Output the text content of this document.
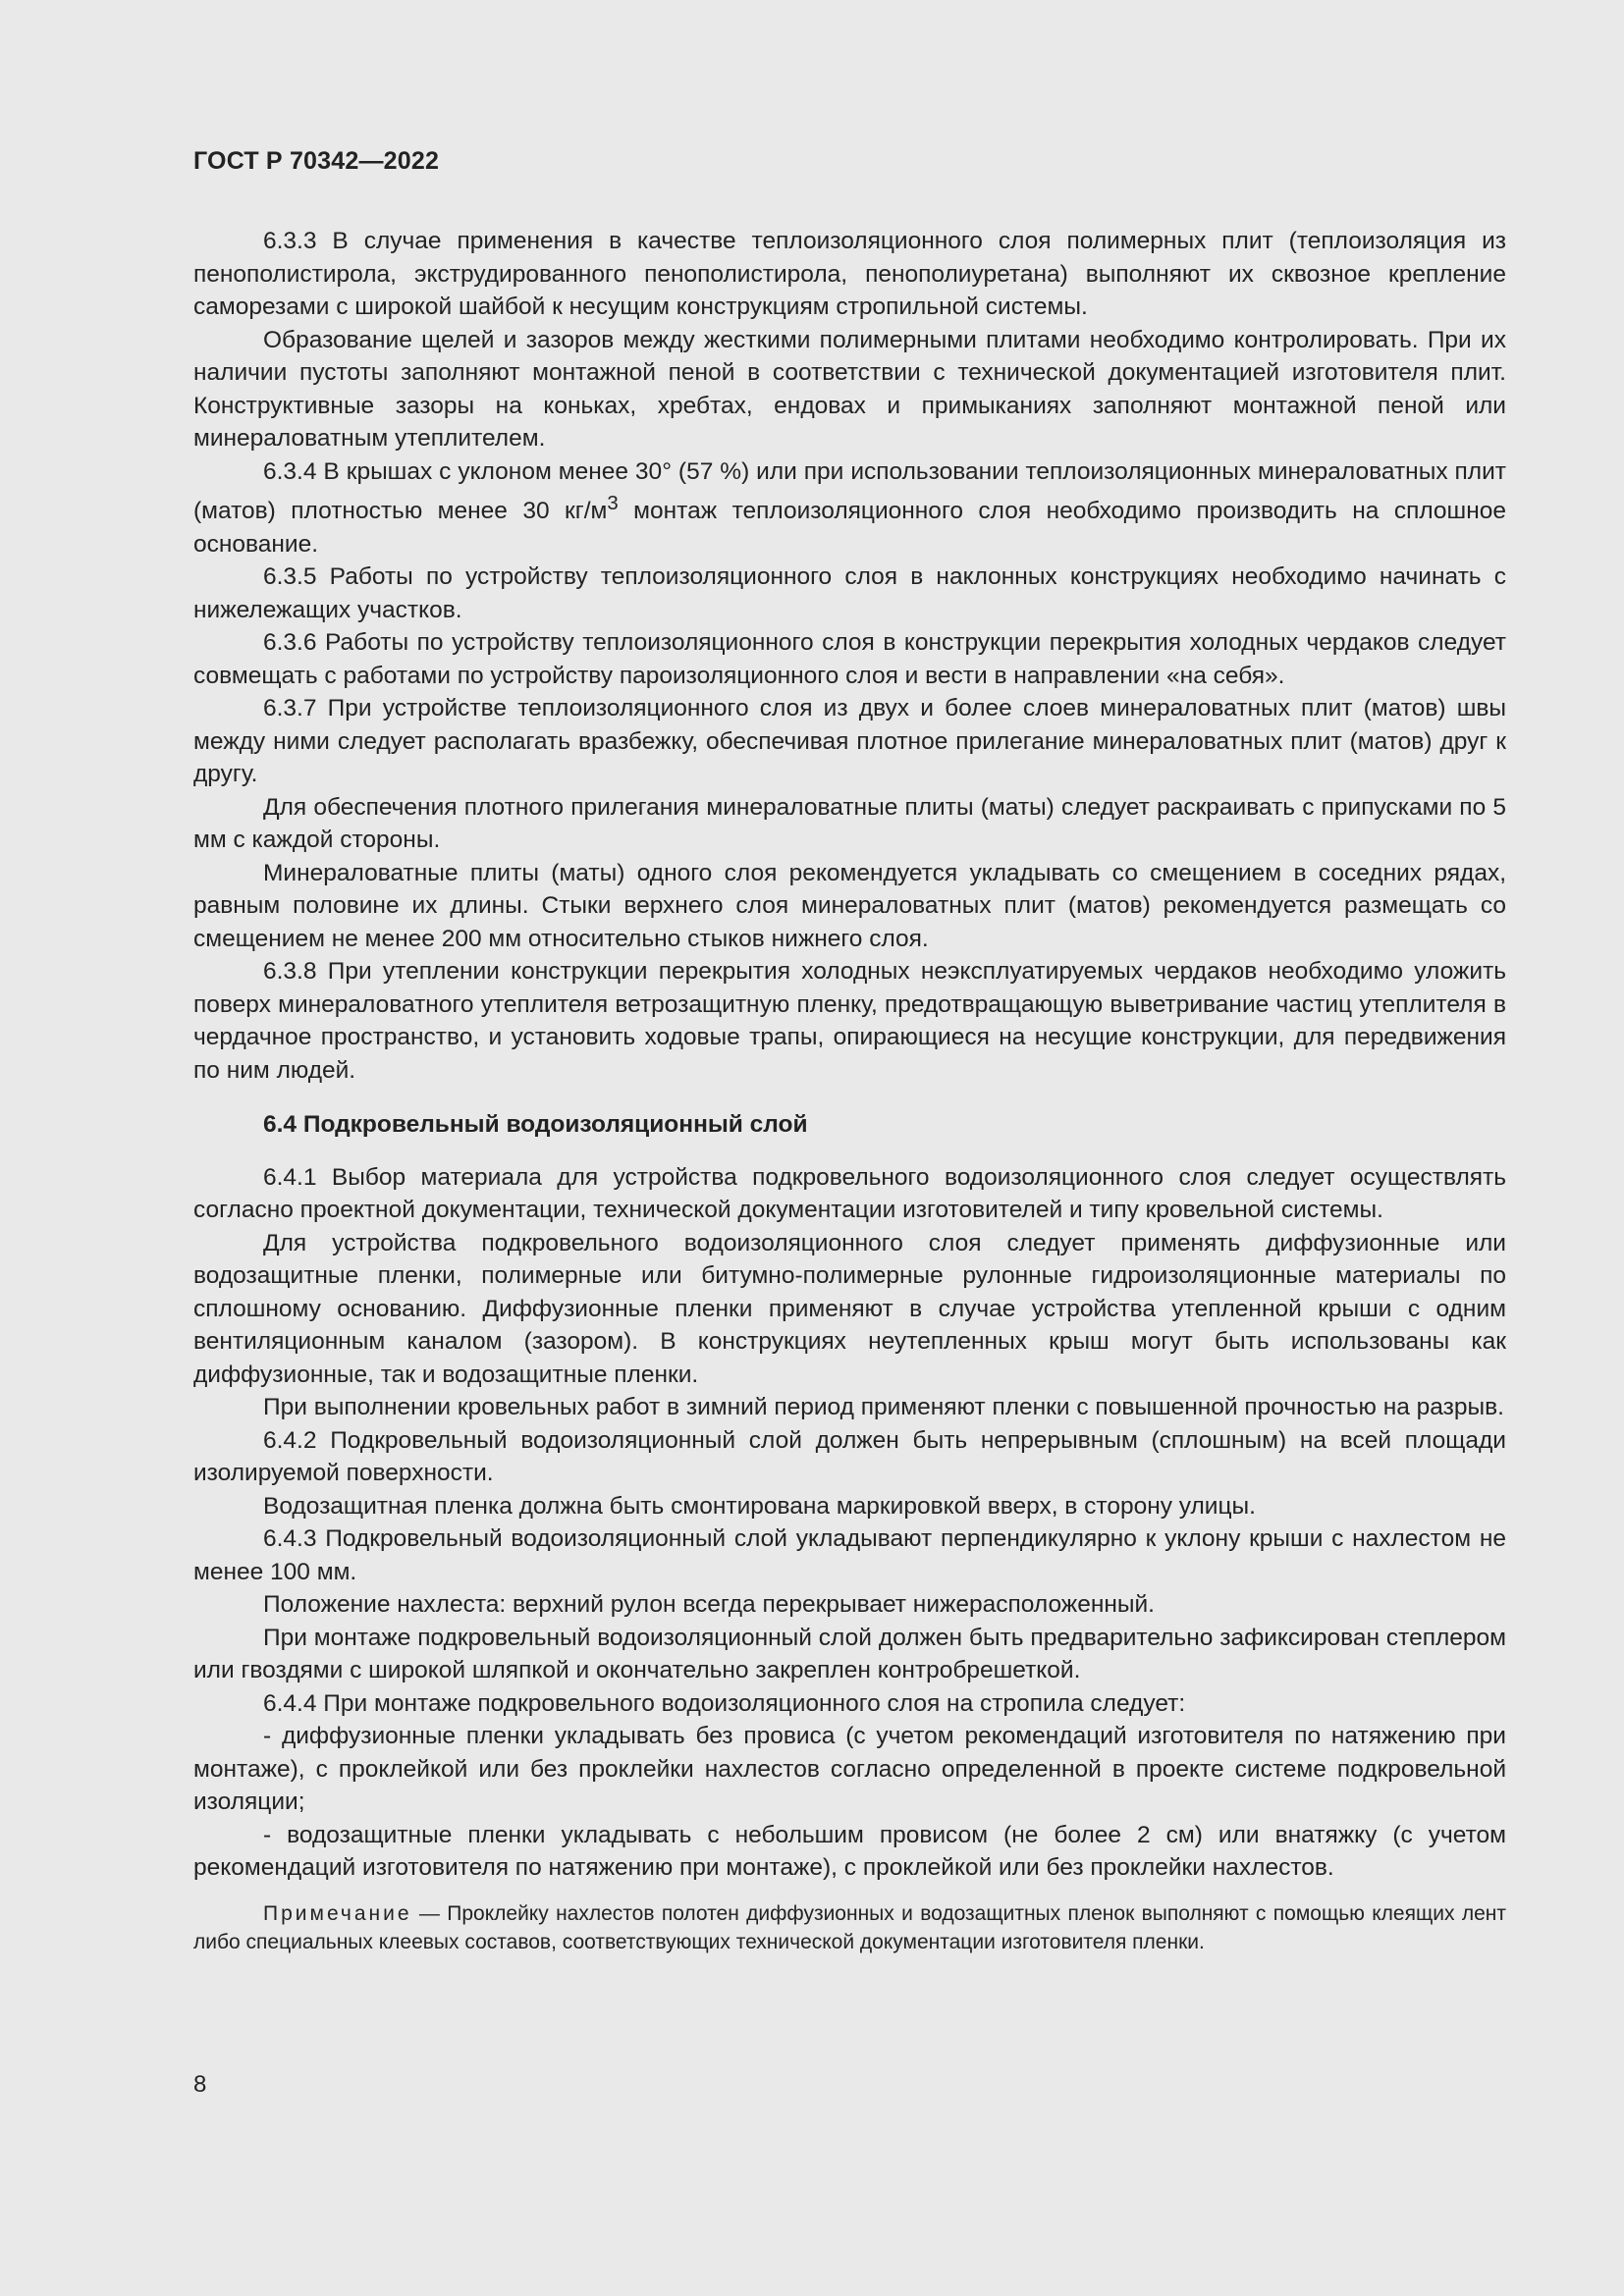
ГОСТ Р 70342—2022

6.3.3 В случае применения в качестве теплоизоляционного слоя полимерных плит (теплоизоляция из пенополистирола, экструдированного пенополистирола, пенополиуретана) выполняют их сквозное крепление саморезами с широкой шайбой к несущим конструкциям стропильной системы.

Образование щелей и зазоров между жесткими полимерными плитами необходимо контролировать. При их наличии пустоты заполняют монтажной пеной в соответствии с технической документацией изготовителя плит. Конструктивные зазоры на коньках, хребтах, ендовах и примыканиях заполняют монтажной пеной или минераловатным утеплителем.

6.3.4 В крышах с уклоном менее 30° (57 %) или при использовании теплоизоляционных минераловатных плит (матов) плотностью менее 30 $кг/м^3$ монтаж теплоизоляционного слоя необходимо производить на сплошное основание.

6.3.5 Работы по устройству теплоизоляционного слоя в наклонных конструкциях необходимо начинать с нижележащих участков.

6.3.6 Работы по устройству теплоизоляционного слоя в конструкции перекрытия холодных чердаков следует совмещать с работами по устройству пароизоляционного слоя и вести в направлении «на себя».

6.3.7 При устройстве теплоизоляционного слоя из двух и более слоев минераловатных плит (матов) швы между ними следует располагать вразбежку, обеспечивая плотное прилегание минераловатных плит (матов) друг к другу.

Для обеспечения плотного прилегания минераловатные плиты (маты) следует раскраивать с припусками по 5 мм с каждой стороны.

Минераловатные плиты (маты) одного слоя рекомендуется укладывать со смещением в соседних рядах, равным половине их длины. Стыки верхнего слоя минераловатных плит (матов) рекомендуется размещать со смещением не менее 200 мм относительно стыков нижнего слоя.

6.3.8 При утеплении конструкции перекрытия холодных неэксплуатируемых чердаков необходимо уложить поверх минераловатного утеплителя ветрозащитную пленку, предотвращающую выветривание частиц утеплителя в чердачное пространство, и установить ходовые трапы, опирающиеся на несущие конструкции, для передвижения по ним людей.

6.4 Подкровельный водоизоляционный слой

6.4.1 Выбор материала для устройства подкровельного водоизоляционного слоя следует осуществлять согласно проектной документации, технической документации изготовителей и типу кровельной системы.

Для устройства подкровельного водоизоляционного слоя следует применять диффузионные или водозащитные пленки, полимерные или битумно-полимерные рулонные гидроизоляционные материалы по сплошному основанию. Диффузионные пленки применяют в случае устройства утепленной крыши с одним вентиляционным каналом (зазором). В конструкциях неутепленных крыш могут быть использованы как диффузионные, так и водозащитные пленки.

При выполнении кровельных работ в зимний период применяют пленки с повышенной прочностью на разрыв.

6.4.2 Подкровельный водоизоляционный слой должен быть непрерывным (сплошным) на всей площади изолируемой поверхности.

Водозащитная пленка должна быть смонтирована маркировкой вверх, в сторону улицы.

6.4.3 Подкровельный водоизоляционный слой укладывают перпендикулярно к уклону крыши с нахлестом не менее 100 мм.

Положение нахлеста: верхний рулон всегда перекрывает нижерасположенный.

При монтаже подкровельный водоизоляционный слой должен быть предварительно зафиксирован степлером или гвоздями с широкой шляпкой и окончательно закреплен контробрешеткой.

6.4.4 При монтаже подкровельного водоизоляционного слоя на стропила следует:

- диффузионные пленки укладывать без провиса (с учетом рекомендаций изготовителя по натяжению при монтаже), с проклейкой или без проклейки нахлестов согласно определенной в проекте системе подкровельной изоляции;

- водозащитные пленки укладывать с небольшим провисом (не более 2 см) или внатяжку (с учетом рекомендаций изготовителя по натяжению при монтаже), с проклейкой или без проклейки нахлестов.

Примечание — Проклейку нахлестов полотен диффузионных и водозащитных пленок выполняют с помощью клеящих лент либо специальных клеевых составов, соответствующих технической документации изготовителя пленки.

8
